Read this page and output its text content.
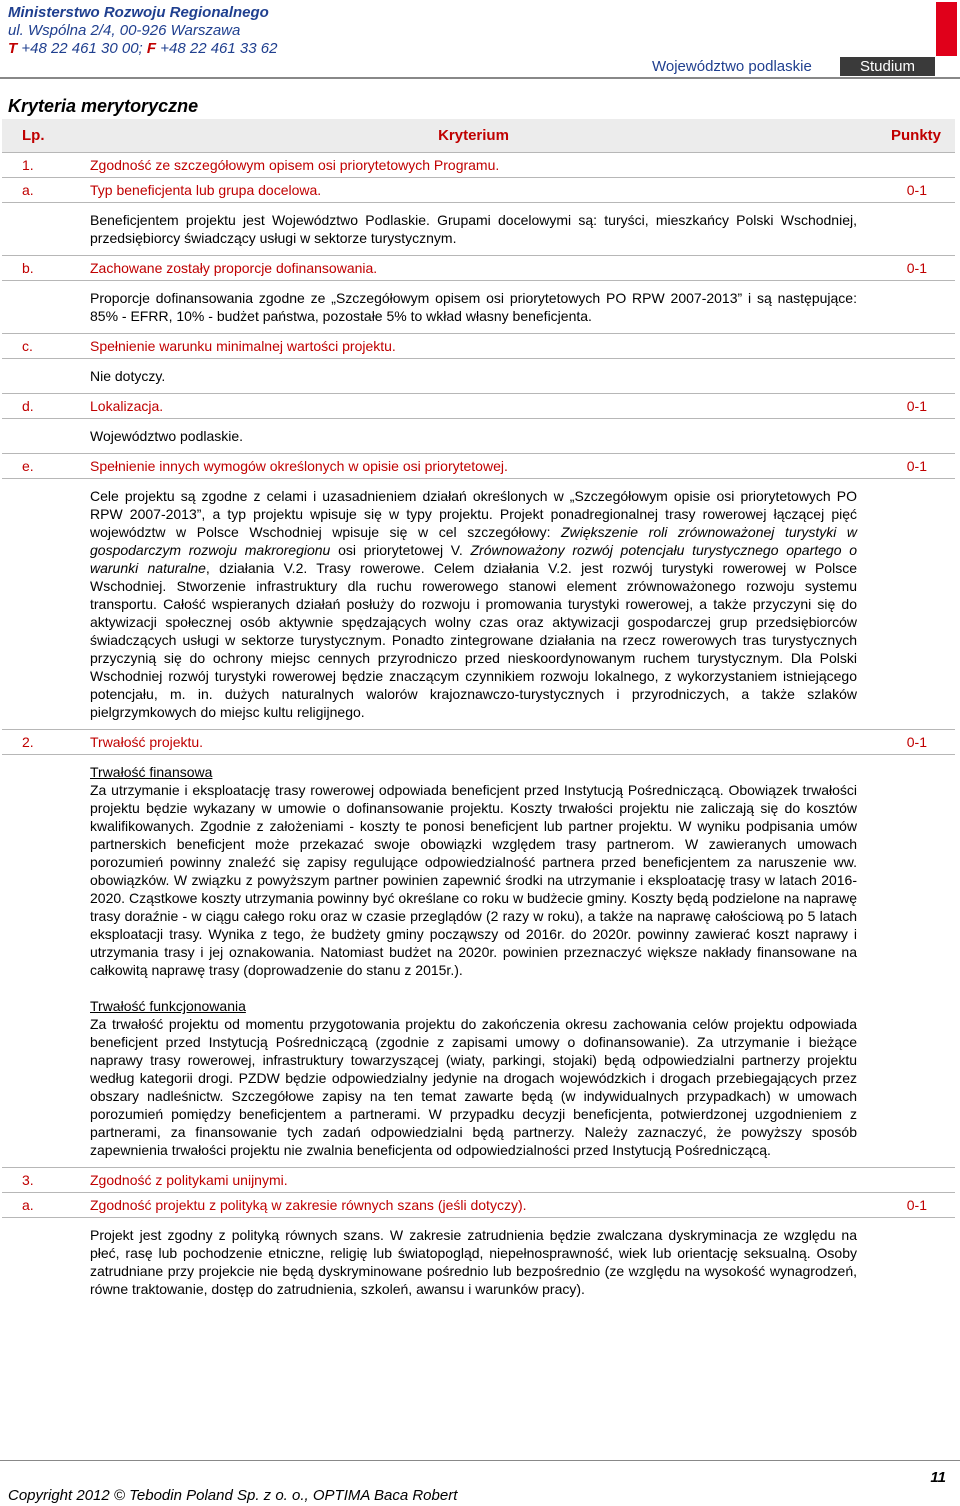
Ministerstwo Rozwoju Regionalnego
ul. Wspólna 2/4, 00-926 Warszawa
T +48 22 461 30 00; F +48 22 461 33 62
Województwo podlaskie	Studium
Kryteria merytoryczne
Lp.	Kryterium	Punkty
1.	Zgodność ze szczegółowym opisem osi priorytetowych Programu.	
a.	Typ beneficjenta lub grupa docelowa.	0-1
	Beneficjentem projektu jest Województwo Podlaskie. Grupami docelowymi są: turyści, mieszkańcy Polski Wschodniej, przedsiębiorcy świadczący usługi w sektorze turystycznym.	
b.	Zachowane zostały proporcje dofinansowania.	0-1
	Proporcje dofinansowania zgodne ze „Szczegółowym opisem osi priorytetowych PO RPW 2007-2013” i są następujące: 85% - EFRR, 10% - budżet państwa, pozostałe 5% to wkład własny beneficjenta.	
c.	Spełnienie warunku minimalnej wartości projektu.	
	Nie dotyczy.	
d.	Lokalizacja.	0-1
	Województwo podlaskie.	
e.	Spełnienie innych wymogów określonych w opisie osi priorytetowej.	0-1
	Cele projektu są zgodne z celami i uzasadnieniem działań określonych w „Szczegółowym opisie osi priorytetowych PO RPW 2007-2013”, a typ projektu wpisuje się w typy projektu. Projekt ponadregionalnej trasy rowerowej łączącej pięć województw w Polsce Wschodniej wpisuje się w cel szczegółowy: Zwiększenie roli zrównoważonej turystyki w gospodarczym rozwoju makroregionu osi priorytetowej V. Zrównoważony rozwój potencjału turystycznego opartego o warunki naturalne, działania V.2. Trasy rowerowe. Celem działania V.2. jest rozwój turystyki rowerowej w Polsce Wschodniej. Stworzenie infrastruktury dla ruchu rowerowego stanowi element zrównoważonego rozwoju systemu transportu. Całość wspieranych działań posłuży do rozwoju i promowania turystyki rowerowej, a także przyczyni się do aktywizacji społecznej osób aktywnie spędzających wolny czas oraz aktywizacji gospodarczej grup przedsiębiorców świadczących usługi w sektorze turystycznym. Ponadto zintegrowane działania na rzecz rowerowych tras turystycznych przyczynią się do ochrony miejsc cennych przyrodniczo przed nieskoordynowanym ruchem turystycznym. Dla Polski Wschodniej rozwój turystyki rowerowej będzie znaczącym czynnikiem rozwoju lokalnego, z wykorzystaniem istniejącego potencjału, m. in. dużych naturalnych walorów krajoznawczo-turystycznych i przyrodniczych, a także szlaków pielgrzymkowych do miejsc kultu religijnego.	
2.	Trwałość projektu.	0-1

	Trwałość finansowa
Za utrzymanie i eksploatację trasy rowerowej odpowiada beneficjent przed Instytucją Pośredniczącą. Obowiązek trwałości projektu będzie wykazany w umowie o dofinansowanie projektu. Koszty trwałości projektu nie zaliczają się do kosztów kwalifikowanych. Zgodnie z założeniami - koszty te ponosi beneficjent lub partner projektu. W wyniku podpisania umów partnerskich beneficjent może przekazać swoje obowiązki względem trasy partnerom. W zawieranych umowach porozumień powinny znaleźć się zapisy regulujące odpowiedzialność partnera przed beneficjentem za naruszenie ww. obowiązków. W związku z powyższym partner powinien zapewnić środki na utrzymanie i eksploatację trasy w latach 2016-2020. Cząstkowe koszty utrzymania powinny być określane co roku w budżecie gminy. Koszty będą podzielone na naprawę trasy doraźnie - w ciągu całego roku oraz w czasie przeglądów (2 razy w roku), a także na naprawę całościową po 5 latach eksploatacji trasy. Wynika z tego, że budżety gminy począwszy od 2016r. do 2020r. powinny zawierać koszt naprawy i utrzymania trasy i jej oznakowania. Natomiast budżet na 2020r. powinien przeznaczyć większe nakłady finansowane na całkowitą naprawę trasy (doprowadzenie do stanu z 2015r.).
Trwałość funkcjonowania
Za trwałość projektu od momentu przygotowania projektu do zakończenia okresu zachowania celów projektu odpowiada beneficjent przed Instytucją Pośredniczącą (zgodnie z zapisami umowy o dofinansowanie). Za utrzymanie i bieżące naprawy trasy rowerowej, infrastruktury towarzyszącej (wiaty, parkingi, stojaki) będą odpowiedzialni partnerzy projektu według kategorii drogi. PZDW będzie odpowiedzialny jedynie na drogach wojewódzkich i drogach przebiegających przez obszary nadleśnictw. Szczegółowe zapisy na ten temat zawarte będą (w indywidualnych przypadkach) w umowach porozumień pomiędzy beneficjentem a partnerami. W przypadku decyzji beneficjenta, potwierdzonej uzgodnieniem z partnerami, za finansowanie tych zadań odpowiedzialni będą partnerzy. Należy zaznaczyć, że powyższy sposób zapewnienia trwałości projektu nie zwalnia beneficjenta od odpowiedzialności przed Instytucją Pośredniczącą.	

3.	Zgodność z politykami unijnymi.	
a.	Zgodność projektu z polityką w zakresie równych szans (jeśli dotyczy).	0-1
	Projekt jest zgodny z polityką równych szans. W zakresie zatrudnienia będzie zwalczana dyskryminacja ze względu na płeć, rasę lub pochodzenie etniczne, religię lub światopogląd, niepełnosprawność, wiek lub orientację seksualną. Osoby zatrudniane przy projekcie nie będą dyskryminowane pośrednio lub bezpośrednio (ze względu na wysokość wynagrodzeń, równe traktowanie, dostęp do zatrudnienia, szkoleń, awansu i warunków pracy).	
Copyright 2012 © Tebodin Poland Sp. z o. o., OPTIMA Baca Robert
11
